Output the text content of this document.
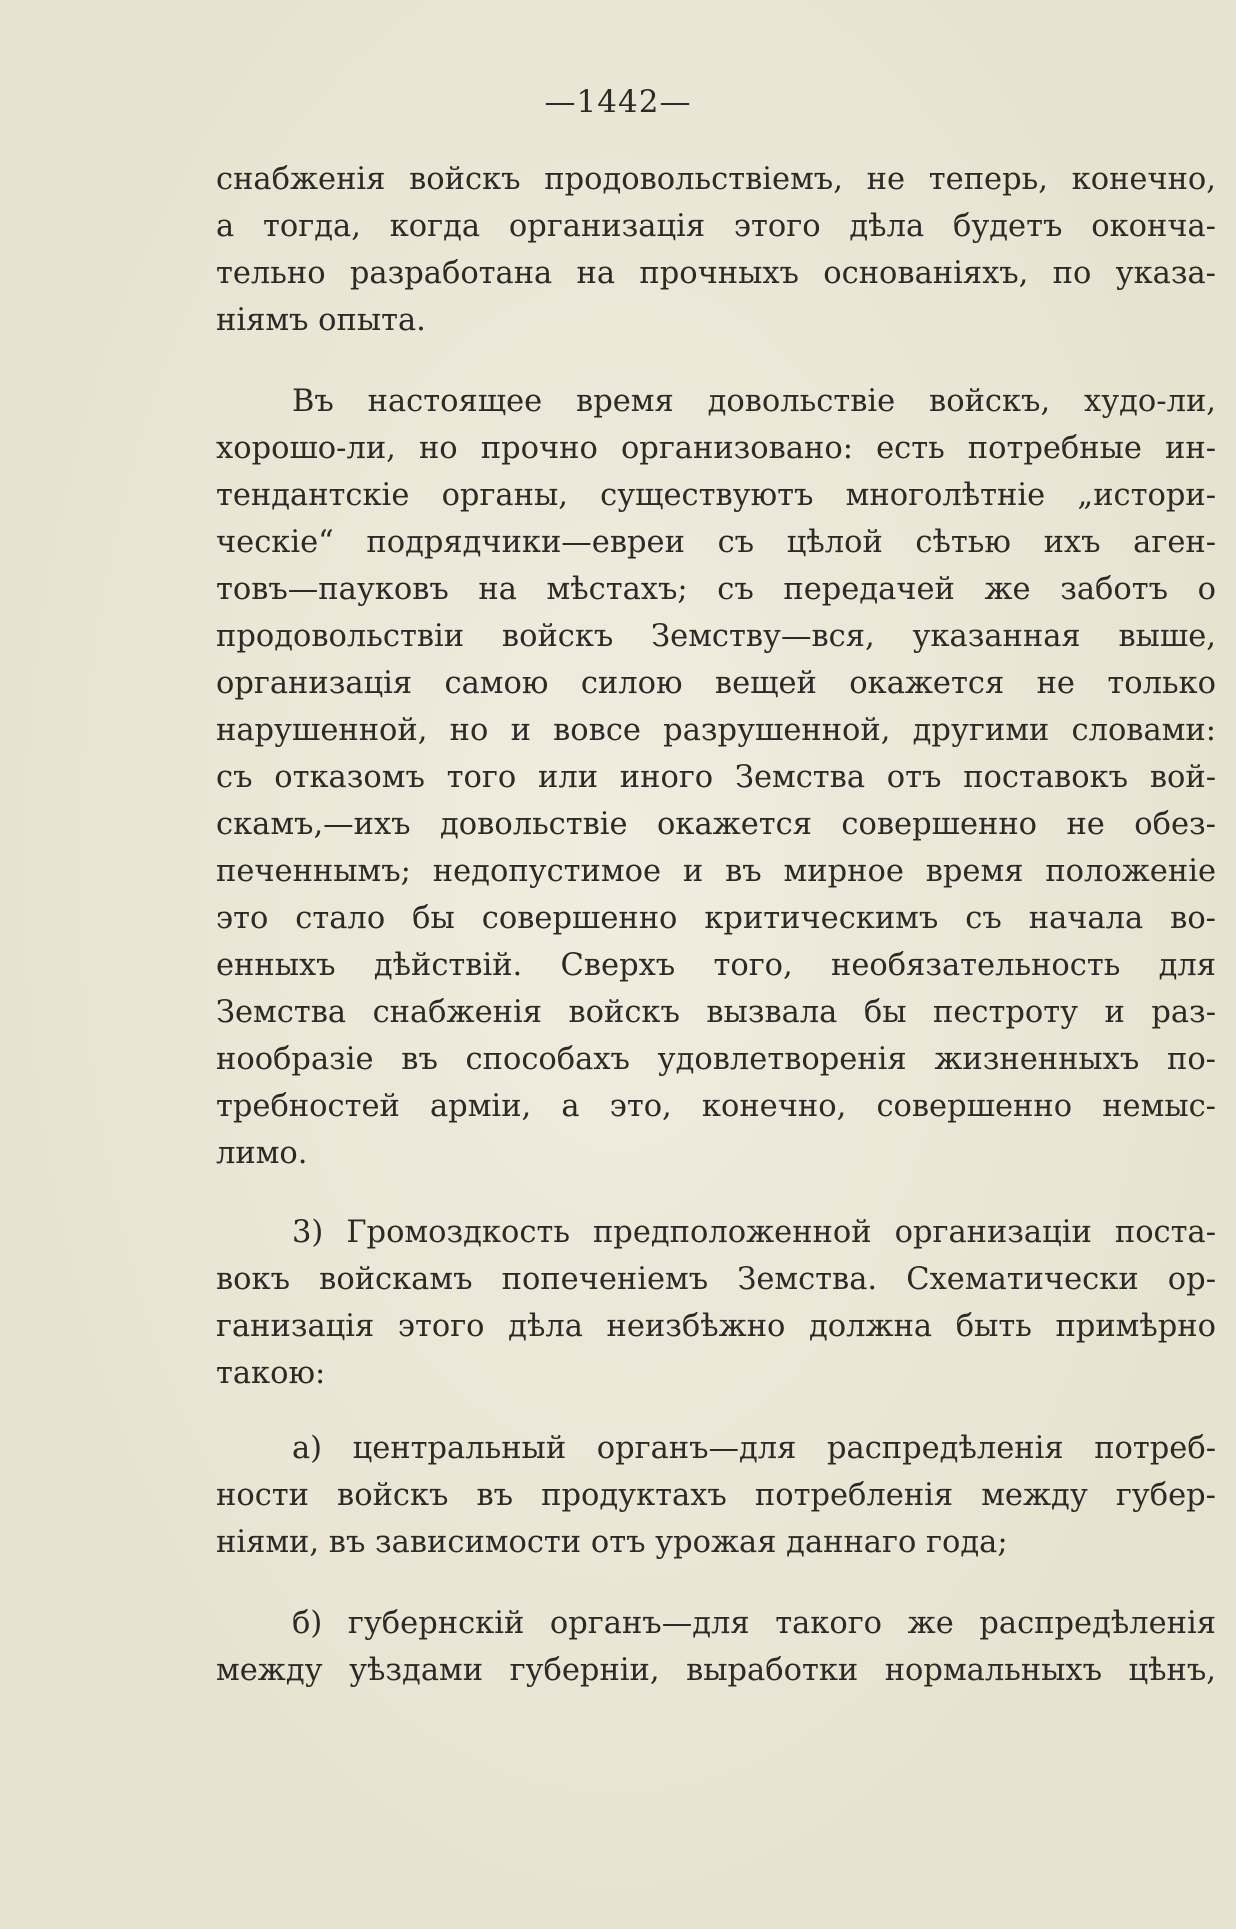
—1442—
снабженія войскъ продовольствіемъ, не теперь, конечно,
а тогда, когда организація этого дѣла будетъ оконча-
тельно разработана на прочныхъ основаніяхъ, по указа-
ніямъ опыта.
Въ настоящее время довольствіе войскъ, худо-ли,
хорошо-ли, но прочно организовано: есть потребные ин-
тендантскіе органы, существуютъ многолѣтніе „истори-
ческіе“ подрядчики—евреи съ цѣлой сѣтью ихъ аген-
товъ—пауковъ на мѣстахъ; съ передачей же заботъ о
продовольствіи войскъ Земству—вся, указанная выше,
организація самою силою вещей окажется не только
нарушенной, но и вовсе разрушенной, другими словами:
съ отказомъ того или иного Земства отъ поставокъ вой-
скамъ,—ихъ довольствіе окажется совершенно не обез-
печеннымъ; недопустимое и въ мирное время положеніе
это стало бы совершенно критическимъ съ начала во-
енныхъ дѣйствій. Сверхъ того, необязательность для
Земства снабженія войскъ вызвала бы пестроту и раз-
нообразіе въ способахъ удовлетворенія жизненныхъ по-
требностей арміи, а это, конечно, совершенно немыс-
лимо.
3) Громоздкость предположенной организаціи поста-
вокъ войскамъ попеченіемъ Земства. Схематически ор-
ганизація этого дѣла неизбѣжно должна быть примѣрно
такою:
а) центральный органъ—для распредѣленія потреб-
ности войскъ въ продуктахъ потребленія между губер-
ніями, въ зависимости отъ урожая даннаго года;
б) губернскій органъ—для такого же распредѣленія
между уѣздами губерніи, выработки нормальныхъ цѣнъ,
